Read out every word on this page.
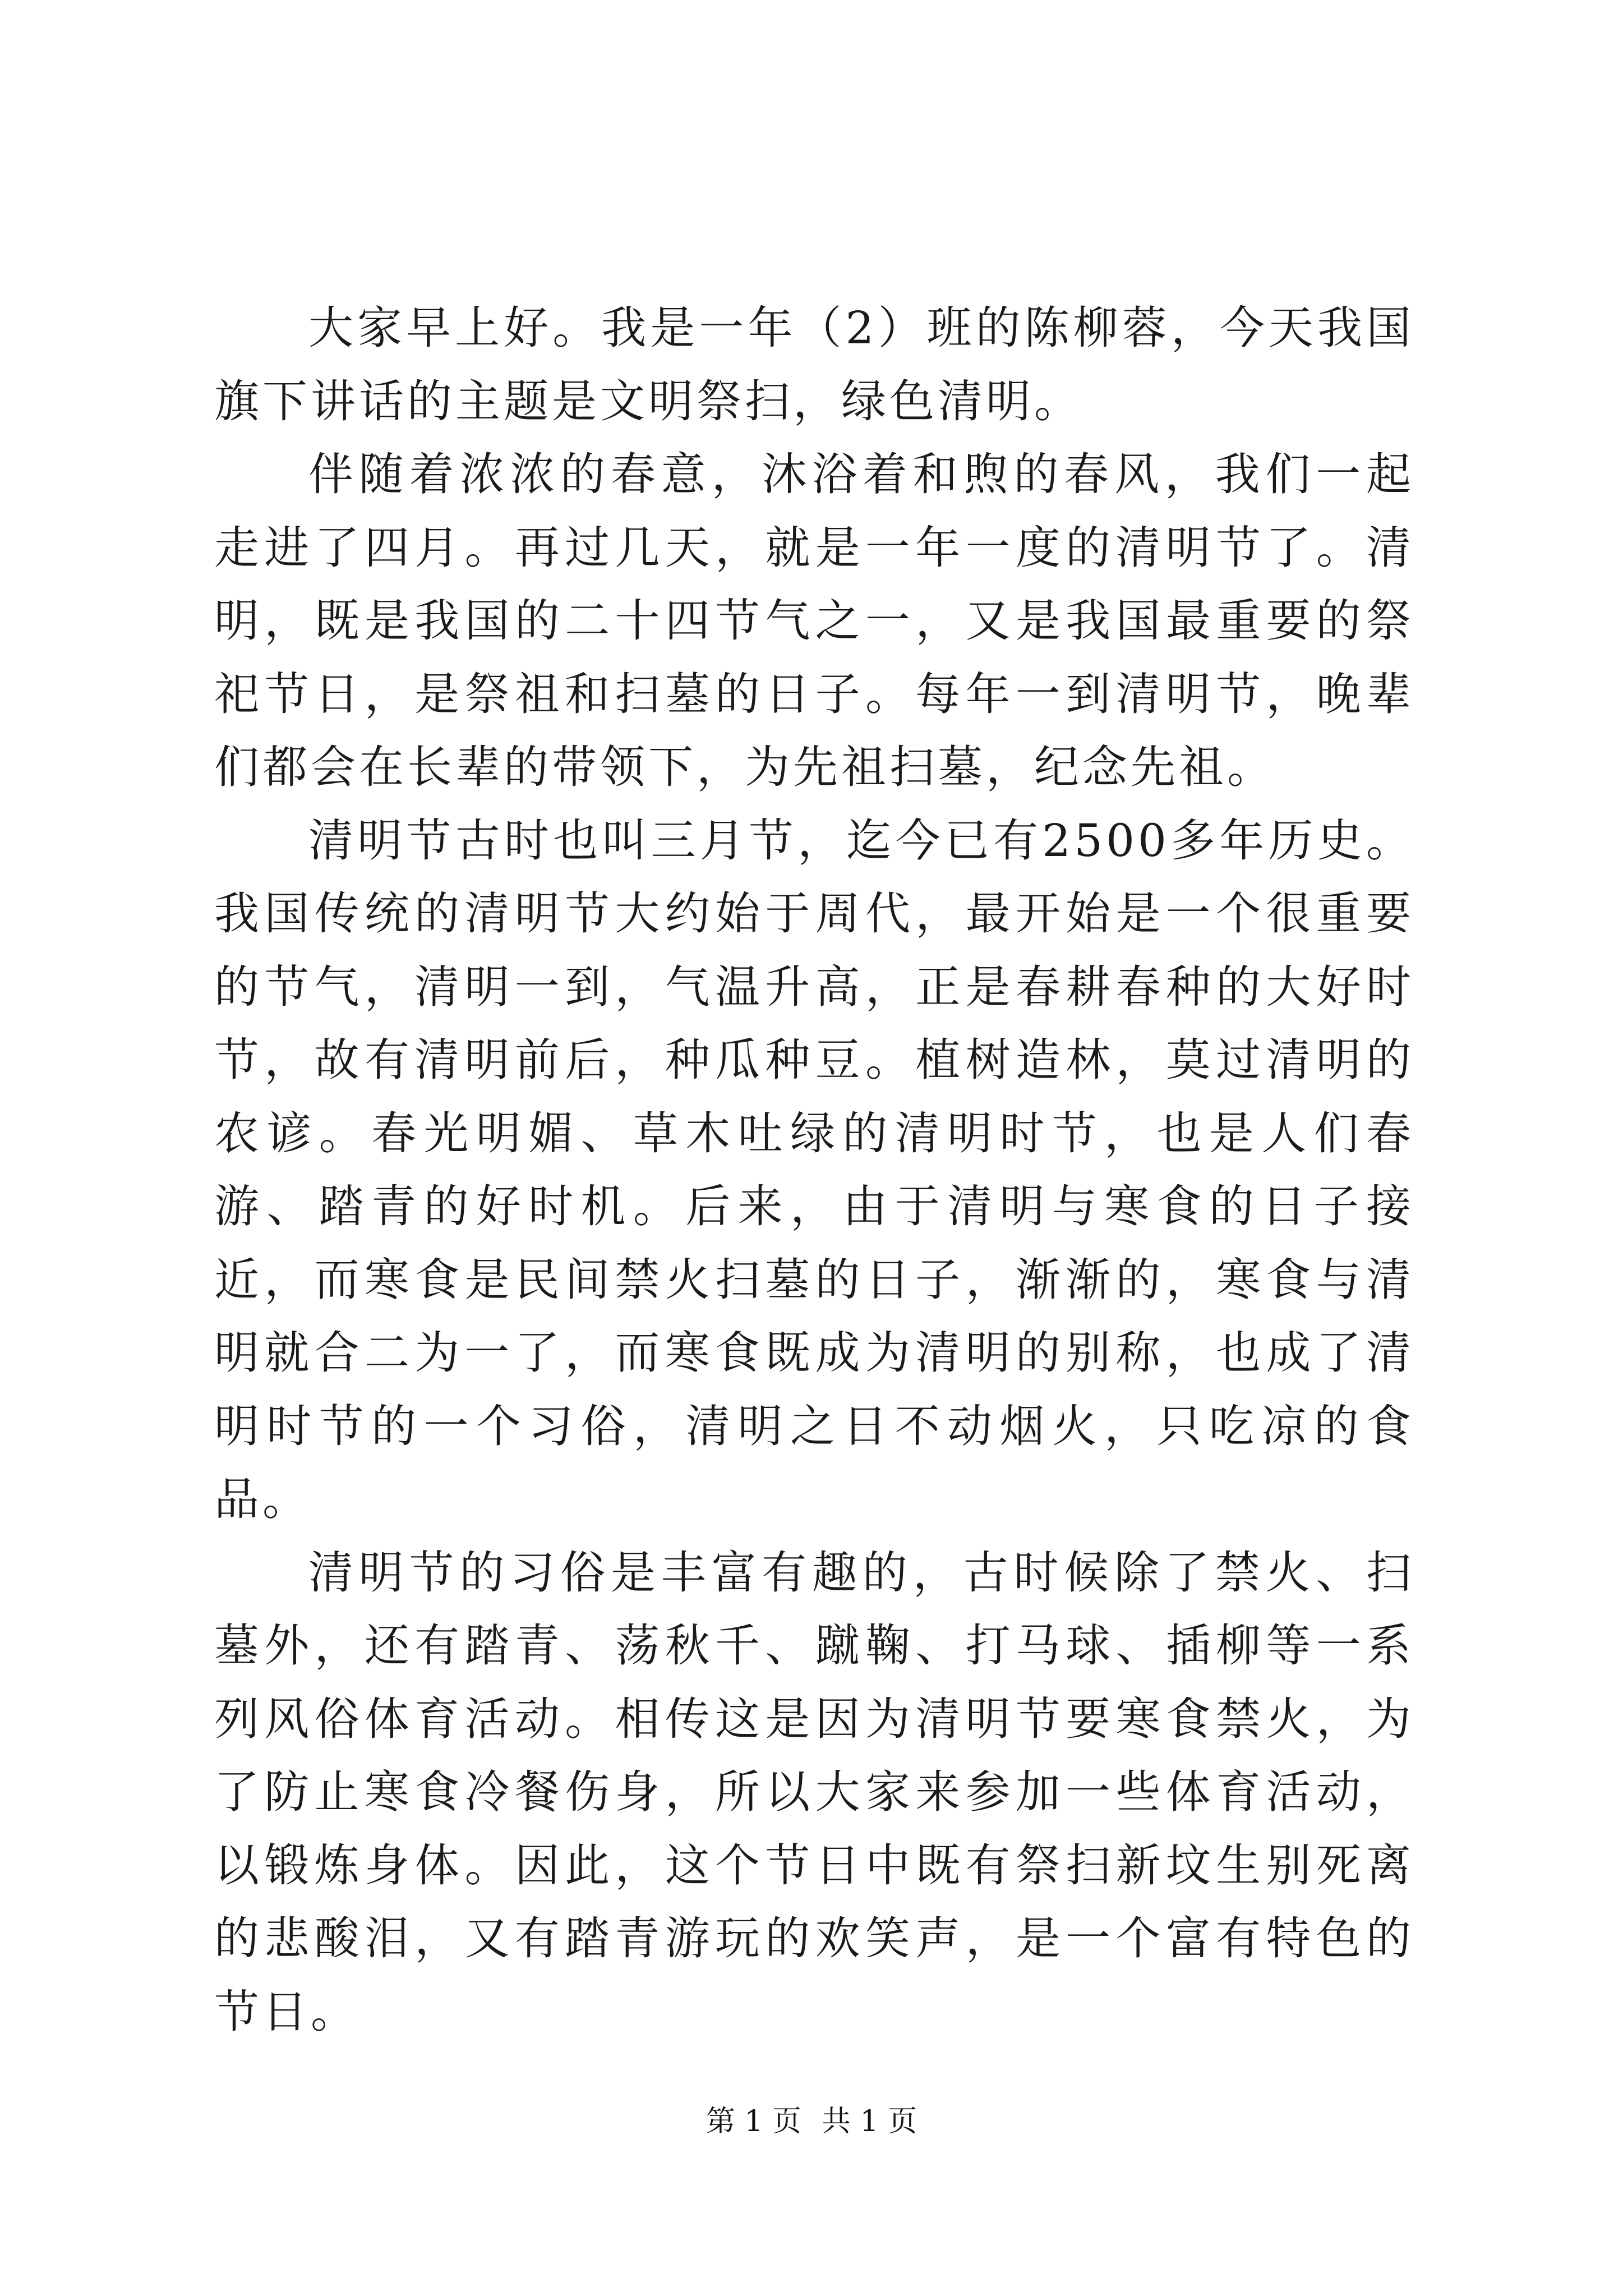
大家早上好。我是一年（2）班的陈柳蓉，今天我国旗下讲话的主题是文明祭扫，绿色清明。

伴随着浓浓的春意，沐浴着和煦的春风，我们一起走进了四月。再过几天，就是一年一度的清明节了。清明，既是我国的二十四节气之一，又是我国最重要的祭祀节日，是祭祖和扫墓的日子。每年一到清明节，晚辈们都会在长辈的带领下，为先祖扫墓，纪念先祖。

清明节古时也叫三月节，迄今已有2500多年历史。我国传统的清明节大约始于周代，最开始是一个很重要的节气，清明一到，气温升高，正是春耕春种的大好时节，故有清明前后，种瓜种豆。植树造林，莫过清明的农谚。春光明媚、草木吐绿的清明时节，也是人们春游、踏青的好时机。后来，由于清明与寒食的日子接近，而寒食是民间禁火扫墓的日子，渐渐的，寒食与清明就合二为一了，而寒食既成为清明的别称，也成了清明时节的一个习俗，清明之日不动烟火，只吃凉的食品。

清明节的习俗是丰富有趣的，古时候除了禁火、扫墓外，还有踏青、荡秋千、蹴鞠、打马球、插柳等一系列风俗体育活动。相传这是因为清明节要寒食禁火，为了防止寒食冷餐伤身，所以大家来参加一些体育活动，以锻炼身体。因此，这个节日中既有祭扫新坟生别死离的悲酸泪，又有踏青游玩的欢笑声，是一个富有特色的节日。

第 1 页 共 1 页
